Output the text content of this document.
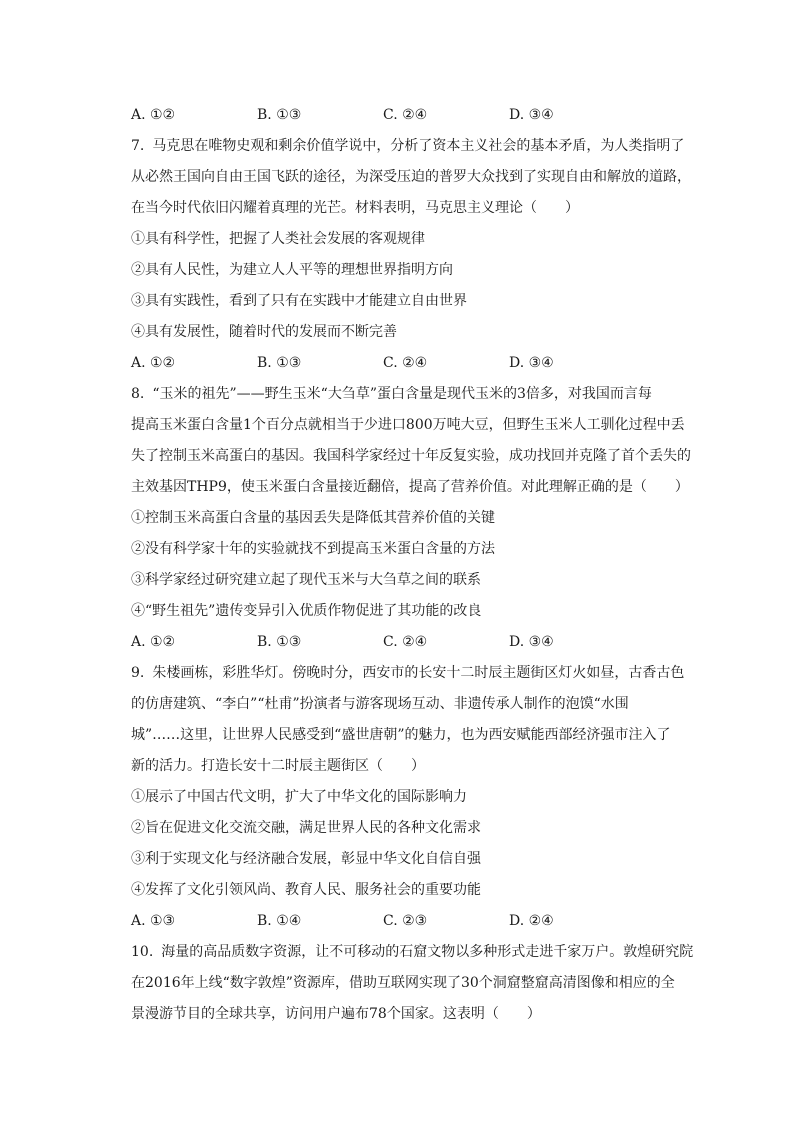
A. ①②	B. ①③	C. ②④	D. ③④
7. 马克思在唯物史观和剩余价值学说中，分析了资本主义社会的基本矛盾，为人类指明了
从必然王国向自由王国飞跃的途径，为深受压迫的普罗大众找到了实现自由和解放的道路，
在当今时代依旧闪耀着真理的光芒。材料表明，马克思主义理论（　　）
①具有科学性，把握了人类社会发展的客观规律
②具有人民性，为建立人人平等的理想世界指明方向
③具有实践性，看到了只有在实践中才能建立自由世界
④具有发展性，随着时代的发展而不断完善
A. ①②	B. ①③	C. ②④	D. ③④
8. “玉米的祖先”——野生玉米“大刍草”蛋白含量是现代玉米的3倍多，对我国而言每
提高玉米蛋白含量1个百分点就相当于少进口800万吨大豆，但野生玉米人工驯化过程中丢
失了控制玉米高蛋白的基因。我国科学家经过十年反复实验，成功找回并克隆了首个丢失的
主效基因THP9，使玉米蛋白含量接近翻倍，提高了营养价值。对此理解正确的是（　　）
①控制玉米高蛋白含量的基因丢失是降低其营养价值的关键
②没有科学家十年的实验就找不到提高玉米蛋白含量的方法
③科学家经过研究建立起了现代玉米与大刍草之间的联系
④“野生祖先”遗传变异引入优质作物促进了其功能的改良
A. ①②	B. ①③	C. ②④	D. ③④
9. 朱楼画栋，彩胜华灯。傍晚时分，西安市的长安十二时辰主题街区灯火如昼，古香古色
的仿唐建筑、“李白”“杜甫”扮演者与游客现场互动、非遗传承人制作的泡馍“水围
城”……这里，让世界人民感受到“盛世唐朝”的魅力，也为西安赋能西部经济强市注入了
新的活力。打造长安十二时辰主题街区（　　）
①展示了中国古代文明，扩大了中华文化的国际影响力
②旨在促进文化交流交融，满足世界人民的各种文化需求
③利于实现文化与经济融合发展，彰显中华文化自信自强
④发挥了文化引领风尚、教育人民、服务社会的重要功能
A. ①③	B. ①④	C. ②③	D. ②④
10. 海量的高品质数字资源，让不可移动的石窟文物以多种形式走进千家万户。敦煌研究院
在2016年上线“数字敦煌”资源库，借助互联网实现了30个洞窟整窟高清图像和相应的全
景漫游节目的全球共享，访问用户遍布78个国家。这表明（　　）
